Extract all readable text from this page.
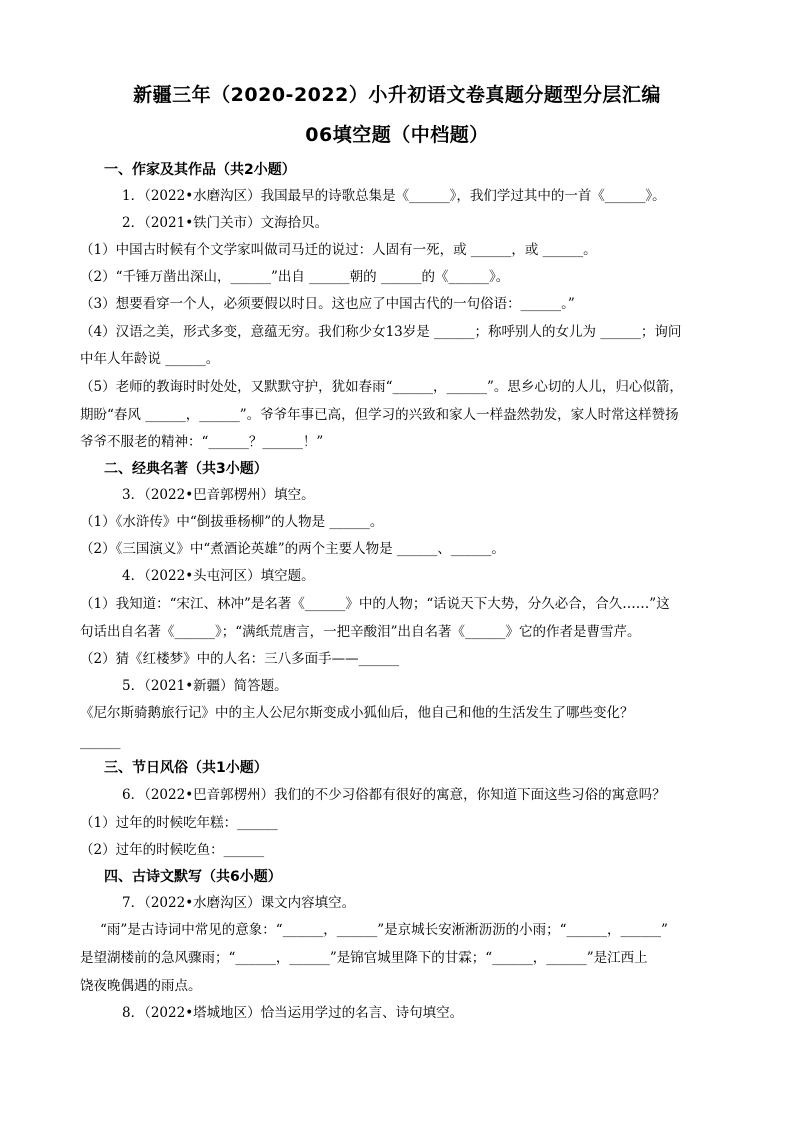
新疆三年（2020-2022）小升初语文卷真题分题型分层汇编
06填空题（中档题）
一、作家及其作品（共2小题）
1．（2022•水磨沟区）我国最早的诗歌总集是《______》，我们学过其中的一首《______》。
2．（2021•铁门关市）文海拾贝。
（1）中国古时候有个文学家叫做司马迁的说过：人固有一死，或 ______，或 ______。
（2）“千锤万凿出深山，______”出自 ______朝的 ______的《______》。
（3）想要看穿一个人，必须要假以时日。这也应了中国古代的一句俗语：______。”
（4）汉语之美，形式多变，意蕴无穷。我们称少女13岁是 ______；称呼别人的女儿为 ______；询问
中年人年龄说 ______。
（5）老师的教诲时时处处，又默默守护，犹如春雨“______，______”。思乡心切的人儿，归心似箭，
期盼“春风 ______，______”。爷爷年事已高，但学习的兴致和家人一样盎然勃发，家人时常这样赞扬
爷爷不服老的精神：“______？______！”
二、经典名著（共3小题）
3．（2022•巴音郭楞州）填空。
（1）《水浒传》中“倒拔垂杨柳”的人物是 ______。
（2）《三国演义》中“煮酒论英雄”的两个主要人物是 ______、______。
4．（2022•头屯河区）填空题。
（1）我知道：“宋江、林冲”是名著《______》中的人物；“话说天下大势，分久必合，合久……”这
句话出自名著《______》；“满纸荒唐言，一把辛酸泪”出自名著《______》它的作者是曹雪芹。
（2）猜《红楼梦》中的人名：三八多面手——______
5．（2021•新疆）简答题。
《尼尔斯骑鹅旅行记》中的主人公尼尔斯变成小狐仙后，他自己和他的生活发生了哪些变化？
______
三、节日风俗（共1小题）
6．（2022•巴音郭楞州）我们的不少习俗都有很好的寓意，你知道下面这些习俗的寓意吗？
（1）过年的时候吃年糕：______
（2）过年的时候吃鱼：______
四、古诗文默写（共6小题）
7．（2022•水磨沟区）课文内容填空。
“雨”是古诗词中常见的意象：“______，______”是京城长安淅淅沥沥的小雨；“______，______”
是望湖楼前的急风骤雨；“______，______”是锦官城里降下的甘霖；“______，______”是江西上
饶夜晚偶遇的雨点。
8．（2022•塔城地区）恰当运用学过的名言、诗句填空。
